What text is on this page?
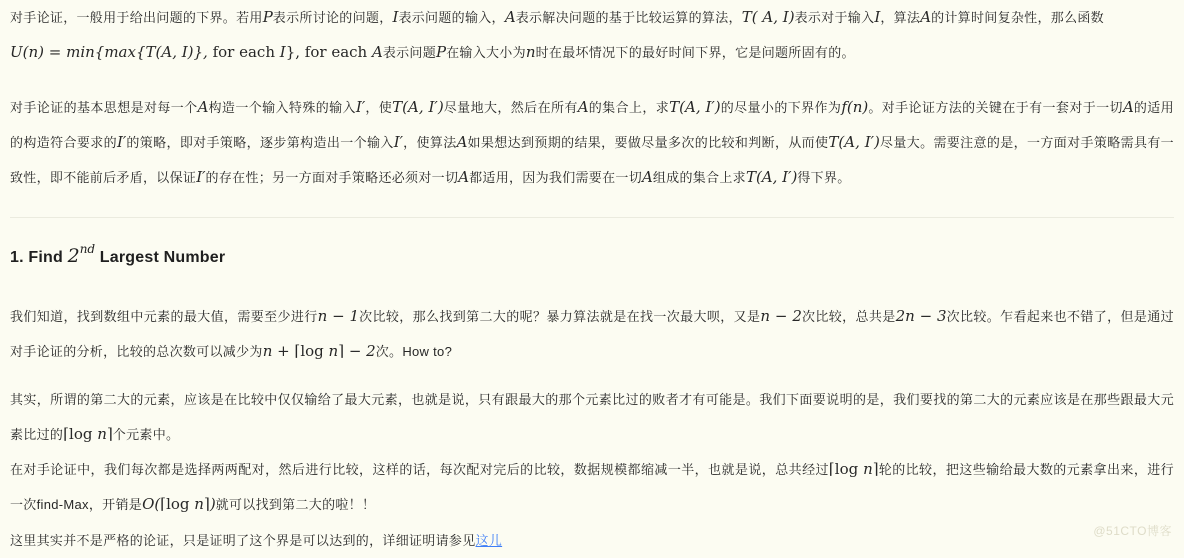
对手论证，一般用于给出问题的下界。若用P表示所讨论的问题，I表示问题的输入，A表示解决问题的基于比较运算的算法，T( A, I)表示对于输入I，算法A的计算时间复杂性，那么函数

U(n) = min{max{T(A, I)}, for each I}, for each A表示问题P在输入大小为n时在最坏情况下的最好时间下界，它是问题所固有的。

对手论证的基本思想是对每一个A构造一个输入特殊的输入I′，使T(A, I′)尽量地大，然后在所有A的集合上，求T(A, I′)的尽量小的下界作为f(n)。对手论证方法的关键在于有一套对于一切A的适用的构造符合要求的I′的策略，即对手策略，逐步第构造出一个输入I′，使算法A如果想达到预期的结果，要做尽量多次的比较和判断，从而使T(A, I′)尽量大。需要注意的是，一方面对手策略需具有一致性，即不能前后矛盾，以保证I′的存在性；另一方面对手策略还必须对一切A都适用，因为我们需要在一切A组成的集合上求T(A, I′)得下界。

1. Find 2nd Largest Number

我们知道，找到数组中元素的最大值，需要至少进行n − 1次比较，那么找到第二大的呢？暴力算法就是在找一次最大呗，又是n − 2次比较，总共是2n − 3次比较。乍看起来也不错了，但是通过对手论证的分析，比较的总次数可以减少为n + ⌈log n⌉ − 2次。How to?

其实，所谓的第二大的元素，应该是在比较中仅仅输给了最大元素，也就是说，只有跟最大的那个元素比过的败者才有可能是。我们下面要说明的是，我们要找的第二大的元素应该是在那些跟最大元素比过的⌈log n⌉个元素中。

在对手论证中，我们每次都是选择两两配对，然后进行比较，这样的话，每次配对完后的比较，数据规模都缩减一半，也就是说，总共经过⌈log n⌉轮的比较，把这些输给最大数的元素拿出来，进行一次find-Max，开销是O(⌈log n⌉)就可以找到第二大的啦！！

这里其实并不是严格的论证，只是证明了这个界是可以达到的，详细证明请参见这儿

@51CTO博客
